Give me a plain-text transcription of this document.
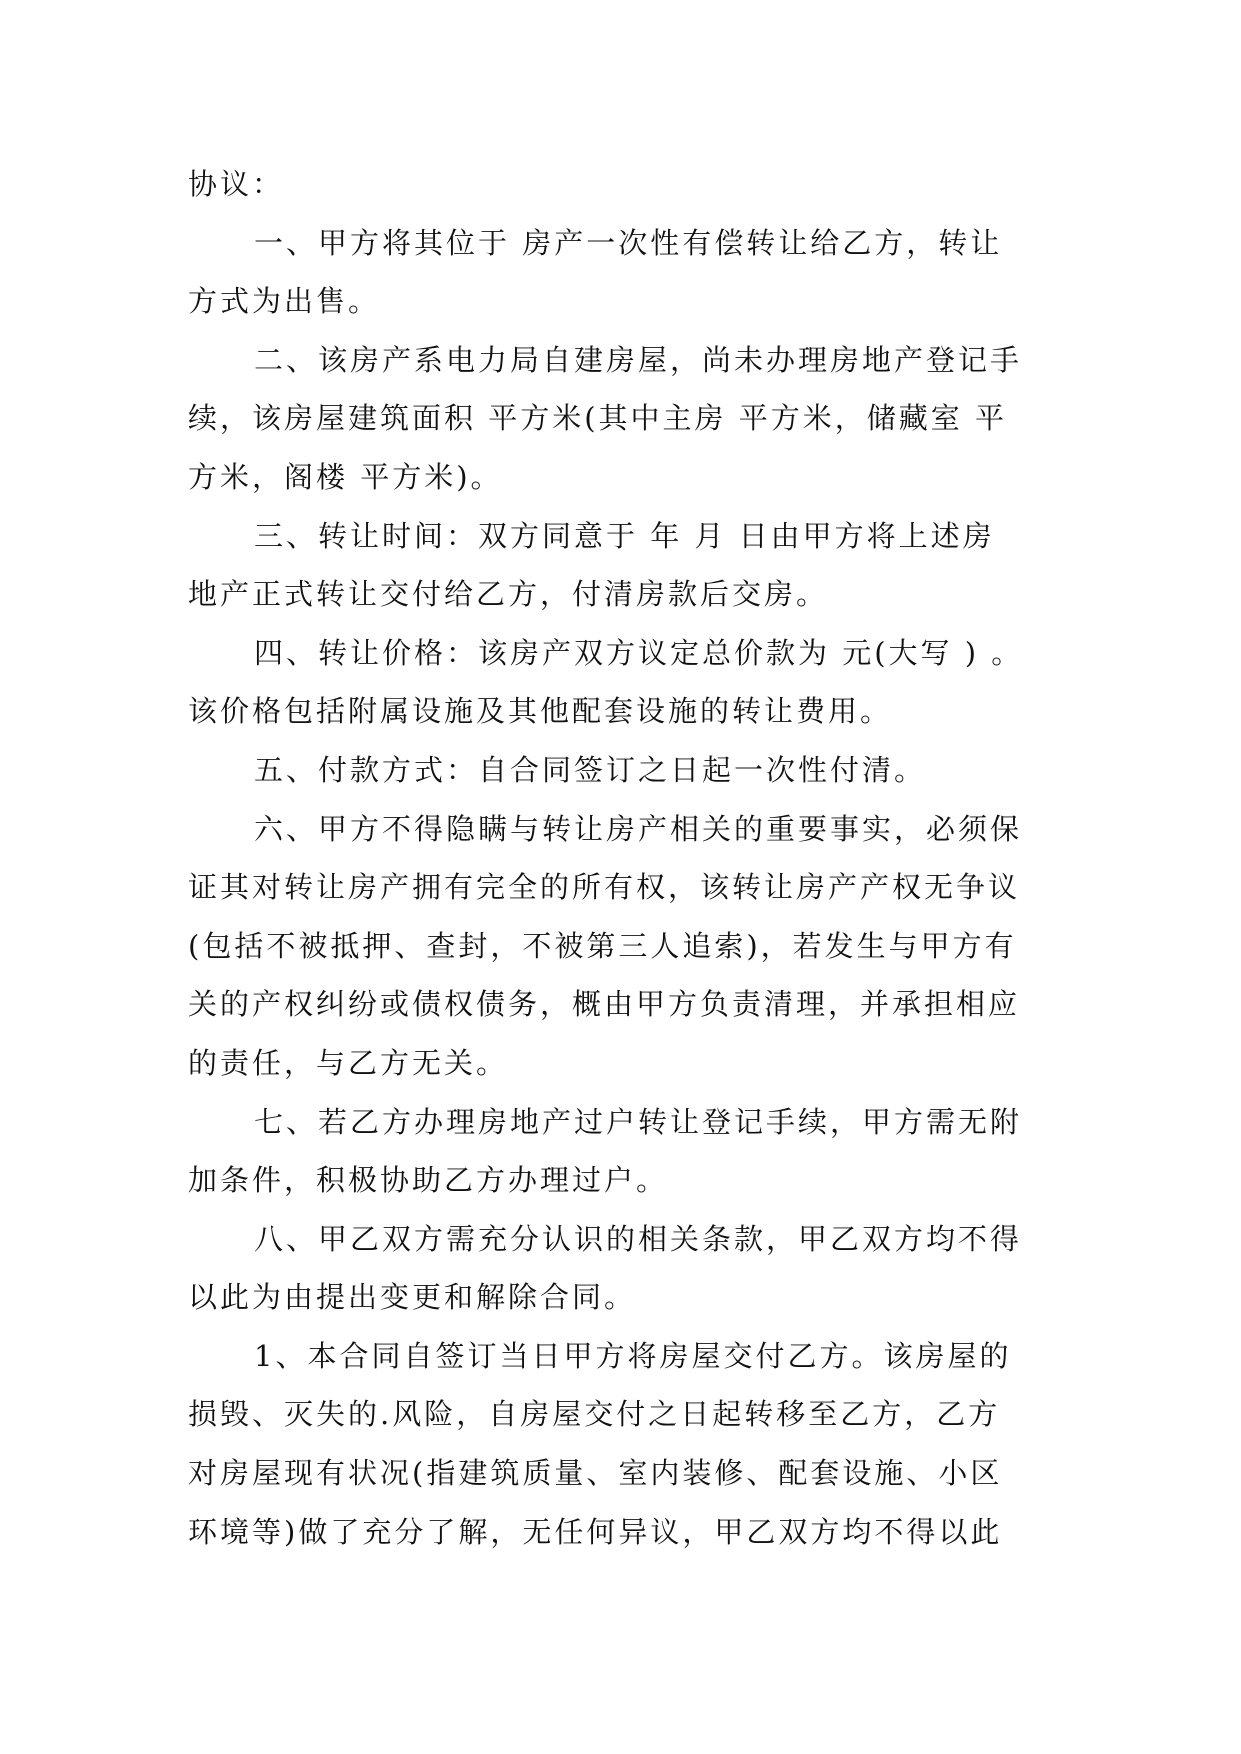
协议：
一、甲方将其位于 房产一次性有偿转让给乙方，转让
方式为出售。
二、该房产系电力局自建房屋，尚未办理房地产登记手
续，该房屋建筑面积 平方米(其中主房 平方米，储藏室 平
方米，阁楼 平方米)。
三、转让时间：双方同意于 年 月 日由甲方将上述房
地产正式转让交付给乙方，付清房款后交房。
四、转让价格：该房产双方议定总价款为 元(大写 ) 。
该价格包括附属设施及其他配套设施的转让费用。
五、付款方式：自合同签订之日起一次性付清。
六、甲方不得隐瞒与转让房产相关的重要事实，必须保
证其对转让房产拥有完全的所有权，该转让房产产权无争议
(包括不被抵押、查封，不被第三人追索)，若发生与甲方有
关的产权纠纷或债权债务，概由甲方负责清理，并承担相应
的责任，与乙方无关。
七、若乙方办理房地产过户转让登记手续，甲方需无附
加条件，积极协助乙方办理过户。
八、甲乙双方需充分认识的相关条款，甲乙双方均不得
以此为由提出变更和解除合同。
1、本合同自签订当日甲方将房屋交付乙方。该房屋的
损毁、灭失的.风险，自房屋交付之日起转移至乙方，乙方
对房屋现有状况(指建筑质量、室内装修、配套设施、小区
环境等)做了充分了解，无任何异议，甲乙双方均不得以此
